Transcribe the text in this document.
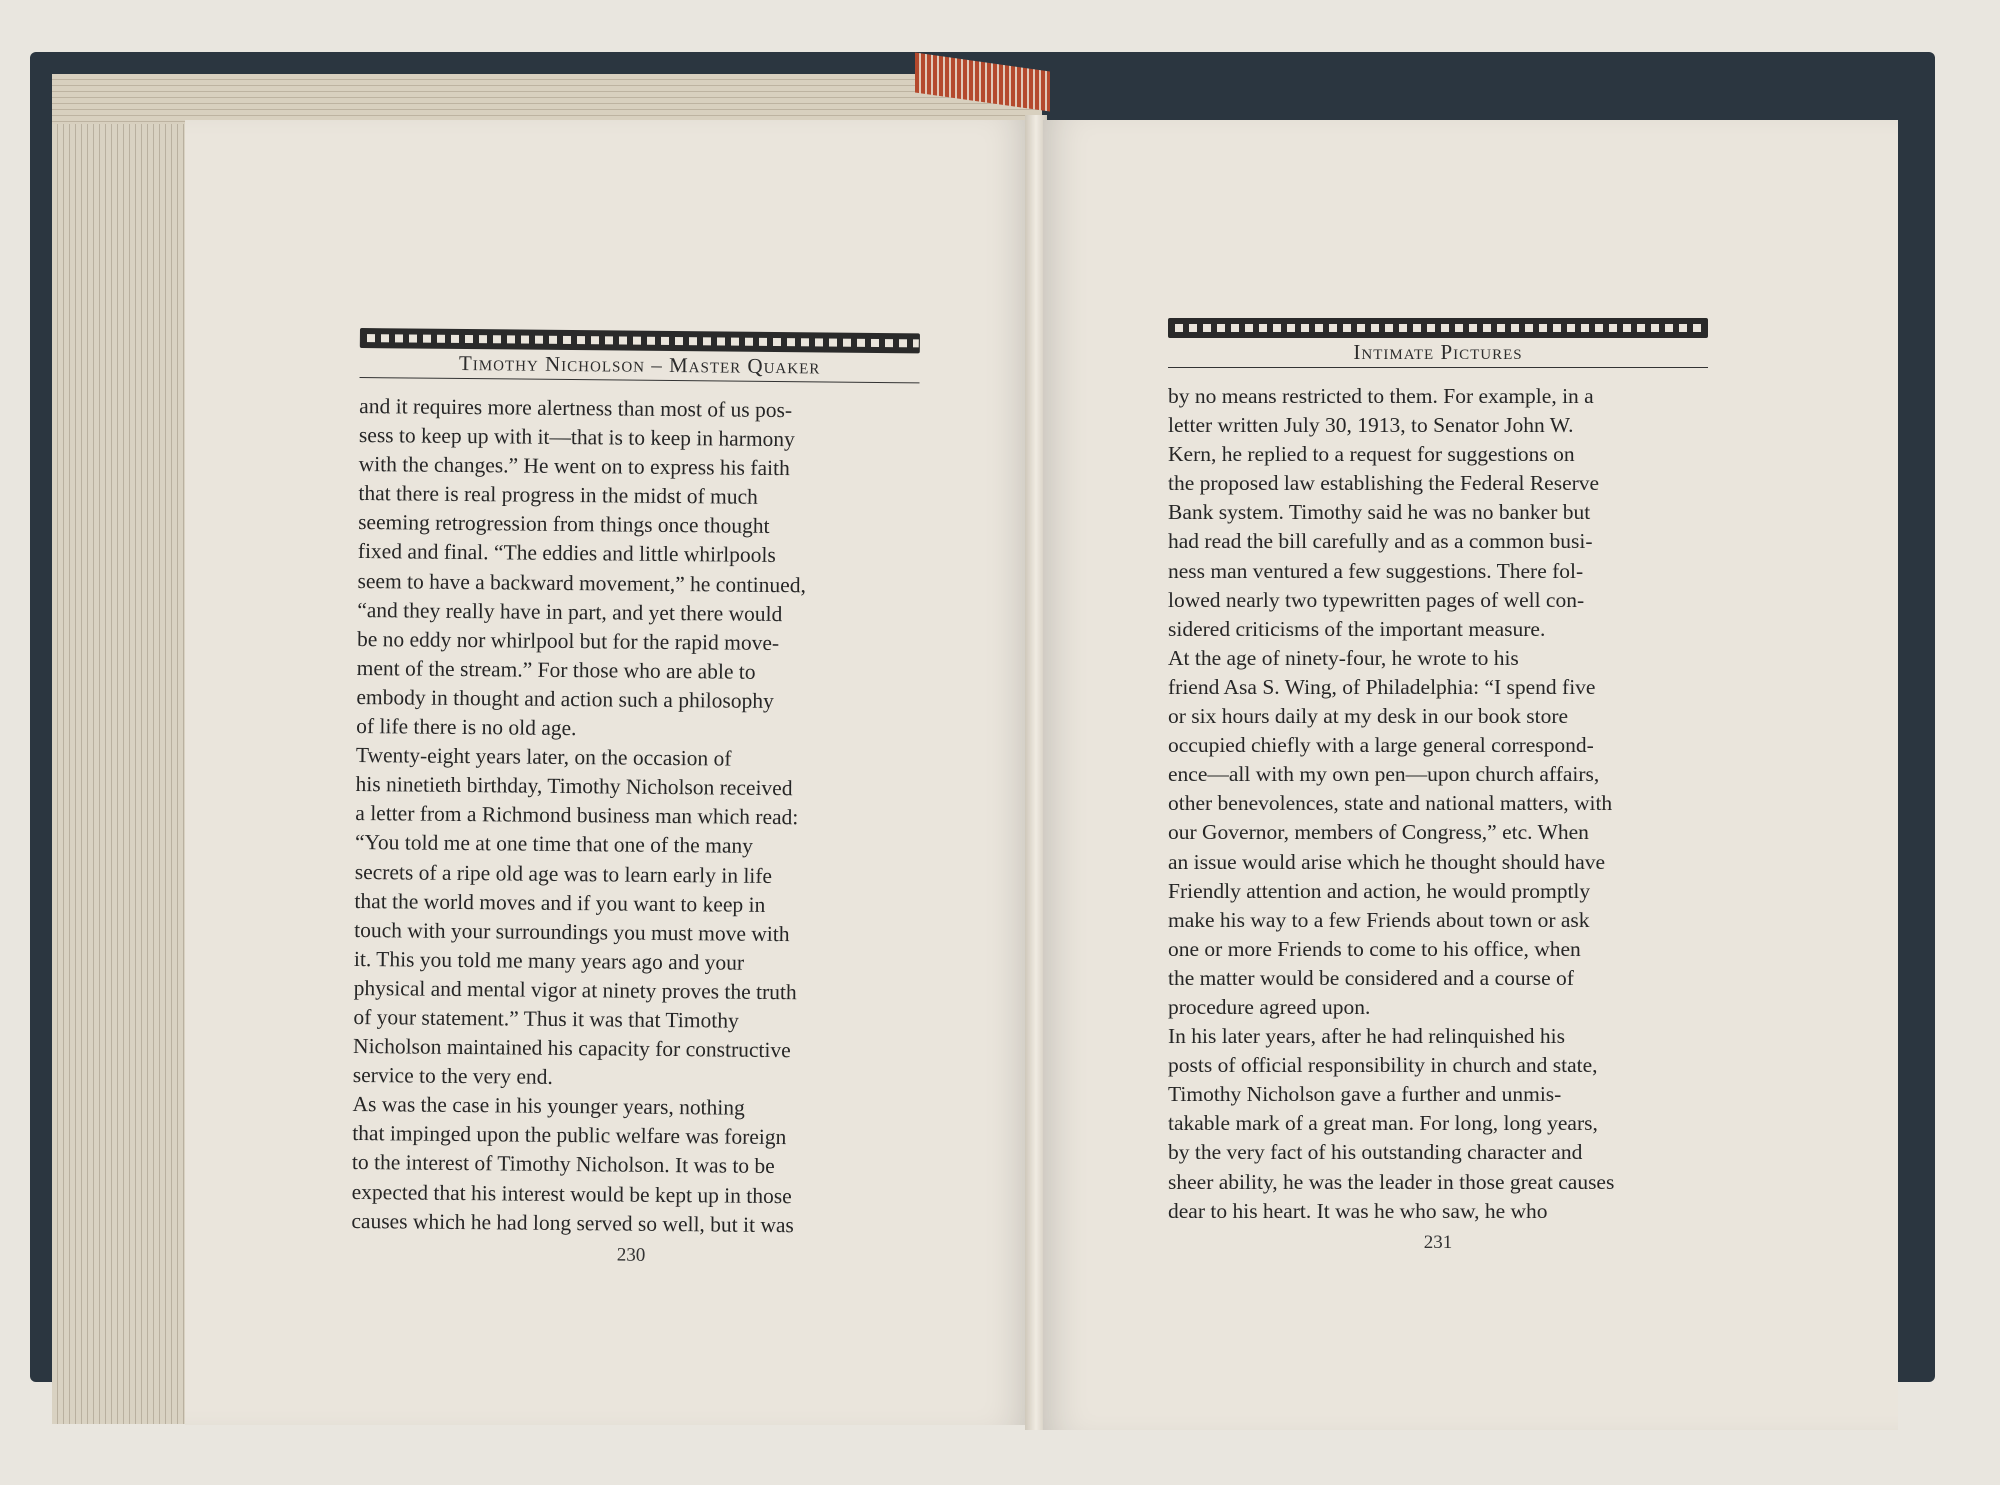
Timothy Nicholson – Master Quaker
and it requires more alertness than most of us pos-
sess to keep up with it—that is to keep in harmony
with the changes.” He went on to express his faith
that there is real progress in the midst of much
seeming retrogression from things once thought
fixed and final. “The eddies and little whirlpools
seem to have a backward movement,” he continued,
“and they really have in part, and yet there would
be no eddy nor whirlpool but for the rapid move-
ment of the stream.” For those who are able to
embody in thought and action such a philosophy
of life there is no old age.
Twenty-eight years later, on the occasion of
his ninetieth birthday, Timothy Nicholson received
a letter from a Richmond business man which read:
“You told me at one time that one of the many
secrets of a ripe old age was to learn early in life
that the world moves and if you want to keep in
touch with your surroundings you must move with
it. This you told me many years ago and your
physical and mental vigor at ninety proves the truth
of your statement.” Thus it was that Timothy
Nicholson maintained his capacity for constructive
service to the very end.
As was the case in his younger years, nothing
that impinged upon the public welfare was foreign
to the interest of Timothy Nicholson. It was to be
expected that his interest would be kept up in those
causes which he had long served so well, but it was
230
Intimate Pictures
by no means restricted to them. For example, in a
letter written July 30, 1913, to Senator John W.
Kern, he replied to a request for suggestions on
the proposed law establishing the Federal Reserve
Bank system. Timothy said he was no banker but
had read the bill carefully and as a common busi-
ness man ventured a few suggestions. There fol-
lowed nearly two typewritten pages of well con-
sidered criticisms of the important measure.
At the age of ninety-four, he wrote to his
friend Asa S. Wing, of Philadelphia: “I spend five
or six hours daily at my desk in our book store
occupied chiefly with a large general correspond-
ence—all with my own pen—upon church affairs,
other benevolences, state and national matters, with
our Governor, members of Congress,” etc. When
an issue would arise which he thought should have
Friendly attention and action, he would promptly
make his way to a few Friends about town or ask
one or more Friends to come to his office, when
the matter would be considered and a course of
procedure agreed upon.
In his later years, after he had relinquished his
posts of official responsibility in church and state,
Timothy Nicholson gave a further and unmis-
takable mark of a great man. For long, long years,
by the very fact of his outstanding character and
sheer ability, he was the leader in those great causes
dear to his heart. It was he who saw, he who
231
